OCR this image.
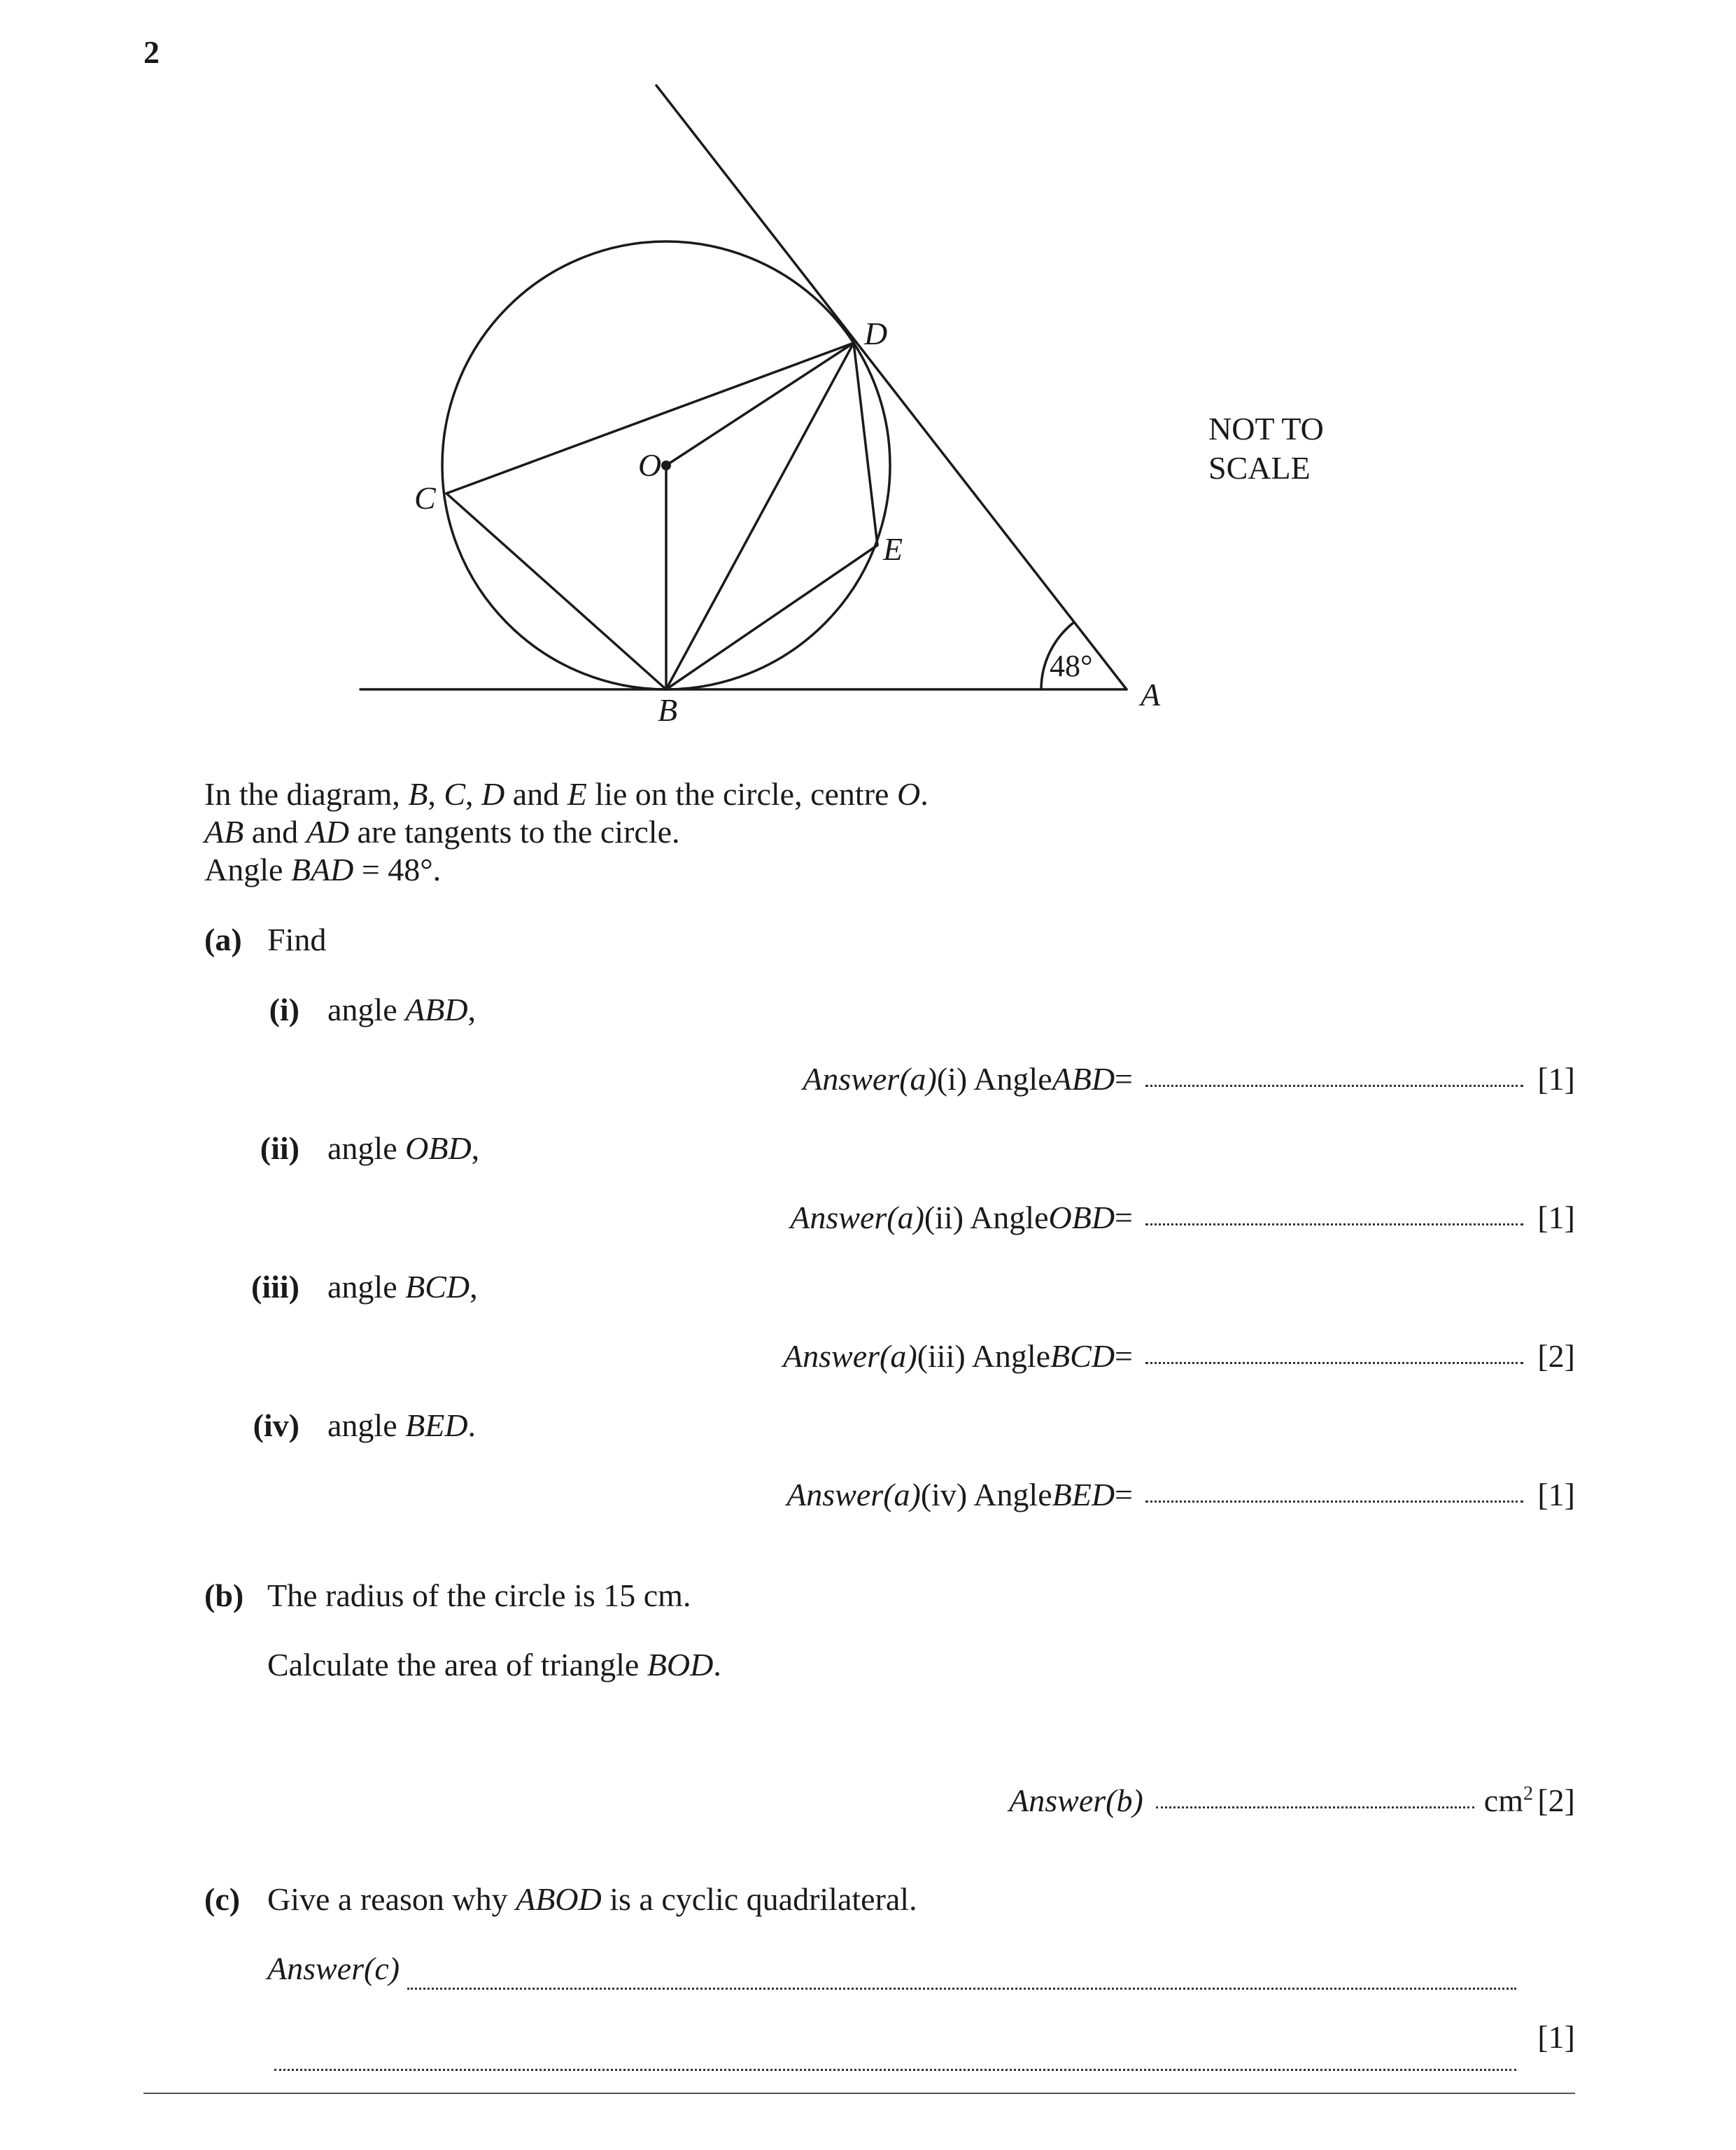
2
D
O
C
E
B	A
48°
NOT TO
SCALE
In the diagram, B, C, D and E lie on the circle, centre O.
AB and AD are tangents to the circle.
Angle BAD = 48°.
(a) Find
(i) angle ABD,
Answer(a) (i) Angle ABD =	[1]
(ii) angle OBD,
Answer(a) (ii) Angle OBD =	[1]
(iii) angle BCD,
Answer(a) (iii) Angle BCD =	[2]
(iv) angle BED.
Answer(a) (iv) Angle BED =	[1]
(b) The radius of the circle is 15 cm.
Calculate the area of triangle BOD.
Answer(b)	$cm^2$ [2]
(c) Give a reason why ABOD is a cyclic quadrilateral.
Answer(c)

[1]
